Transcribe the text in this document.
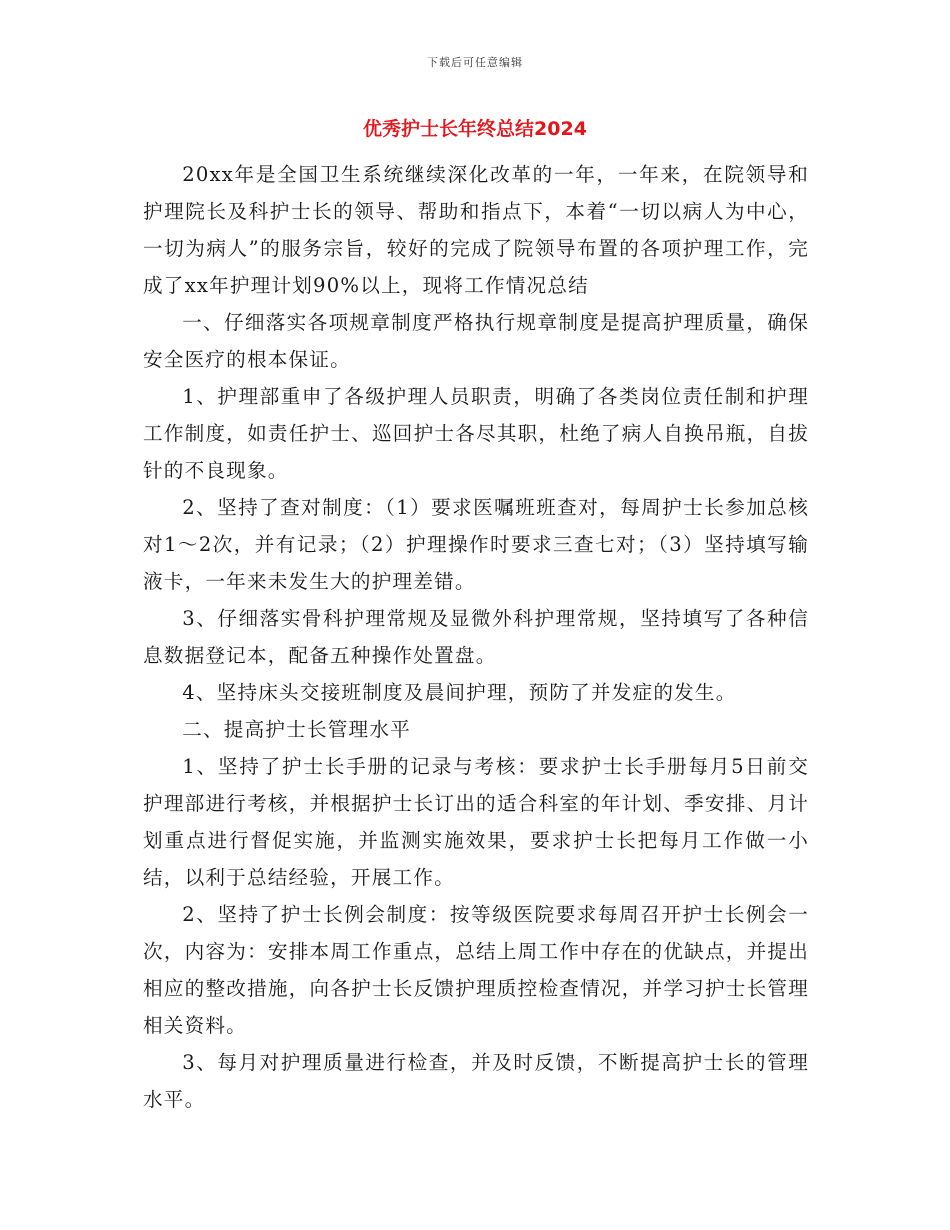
下载后可任意编辑
优秀护士长年终总结2024

20xx年是全国卫生系统继续深化改革的一年，一年来，在院领导和护理院长及科护士长的领导、帮助和指点下，本着“一切以病人为中心，一切为病人”的服务宗旨，较好的完成了院领导布置的各项护理工作，完成了xx年护理计划90%以上，现将工作情况总结

一、仔细落实各项规章制度严格执行规章制度是提高护理质量，确保安全医疗的根本保证。

1、护理部重申了各级护理人员职责，明确了各类岗位责任制和护理工作制度，如责任护士、巡回护士各尽其职，杜绝了病人自换吊瓶，自拔针的不良现象。

2、坚持了查对制度：（1）要求医嘱班班查对，每周护士长参加总核对1～2次，并有记录；（2）护理操作时要求三查七对；（3）坚持填写输液卡，一年来未发生大的护理差错。

3、仔细落实骨科护理常规及显微外科护理常规，坚持填写了各种信息数据登记本，配备五种操作处置盘。

4、坚持床头交接班制度及晨间护理，预防了并发症的发生。

二、提高护士长管理水平

1、坚持了护士长手册的记录与考核：要求护士长手册每月5日前交护理部进行考核，并根据护士长订出的适合科室的年计划、季安排、月计划重点进行督促实施，并监测实施效果，要求护士长把每月工作做一小结，以利于总结经验，开展工作。

2、坚持了护士长例会制度：按等级医院要求每周召开护士长例会一次，内容为：安排本周工作重点，总结上周工作中存在的优缺点，并提出相应的整改措施，向各护士长反馈护理质控检查情况，并学习护士长管理相关资料。

3、每月对护理质量进行检查，并及时反馈，不断提高护士长的管理水平。
